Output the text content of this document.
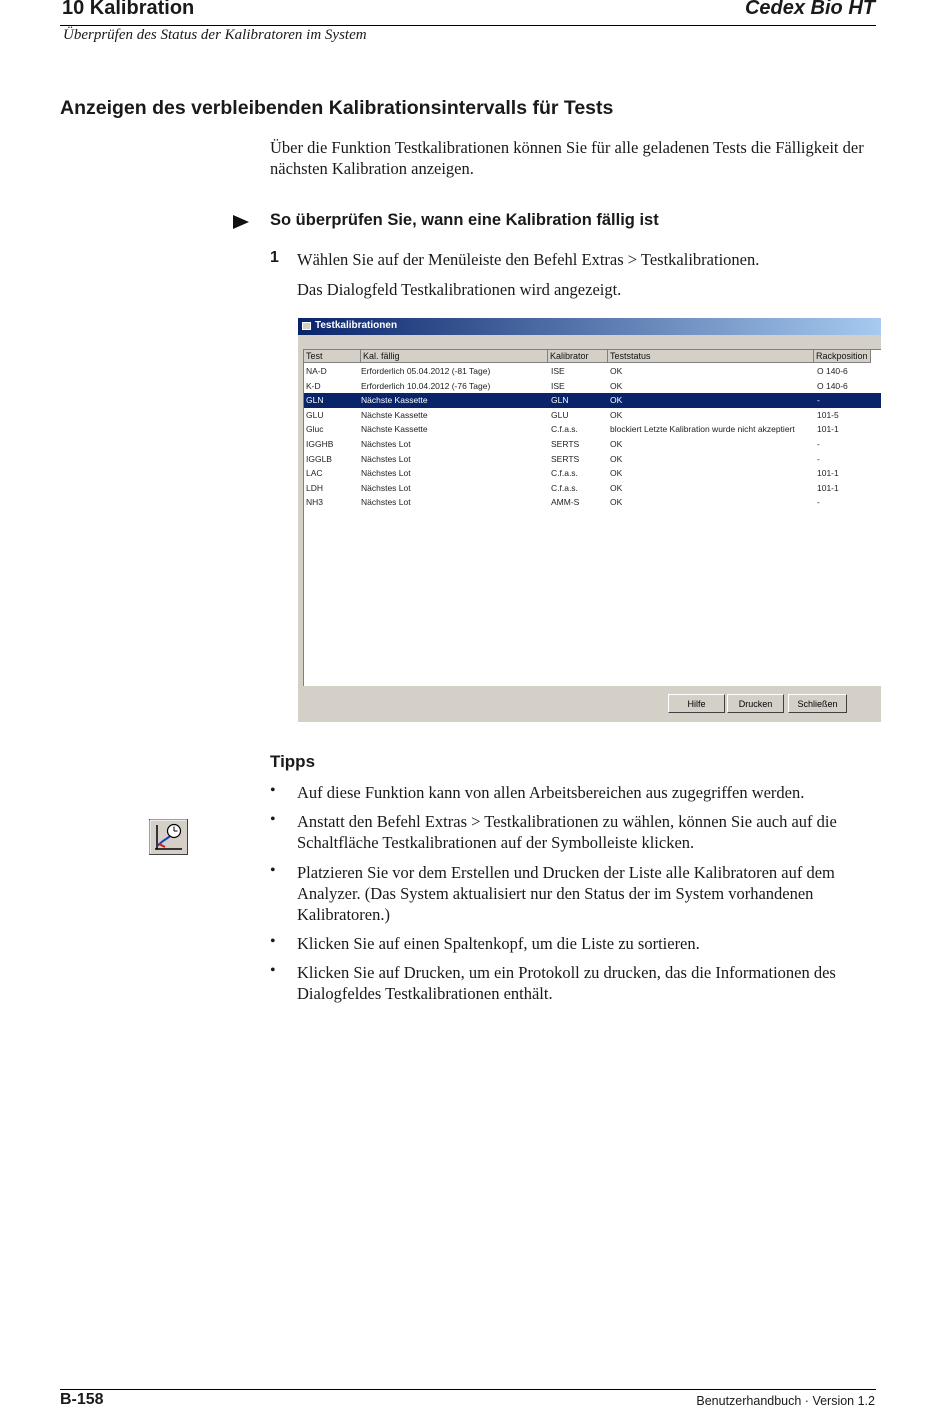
10 Kalibration	Cedex Bio HT
Überprüfen des Status der Kalibratoren im System
Anzeigen des verbleibenden Kalibrationsintervalls für Tests
Über die Funktion Testkalibrationen können Sie für alle geladenen Tests die Fälligkeit der nächsten Kalibration anzeigen.
So überprüfen Sie, wann eine Kalibration fällig ist
1 Wählen Sie auf der Menüleiste den Befehl Extras > Testkalibrationen.
Das Dialogfeld Testkalibrationen wird angezeigt.
Testkalibrationen
Test	Kal. fällig	Kalibrator	Teststatus	Rackposition
NA-D	Erforderlich 05.04.2012 (-81 Tage)	ISE	OK	O 140-6
K-D	Erforderlich 10.04.2012 (-76 Tage)	ISE	OK	O 140-6
GLN	Nächste Kassette	GLN	OK	-
GLU	Nächste Kassette	GLU	OK	101-5
Gluc	Nächste Kassette	C.f.a.s.	blockiert Letzte Kalibration wurde nicht akzeptiert	101-1
IGGHB	Nächstes Lot	SERTS	OK	-
IGGLB	Nächstes Lot	SERTS	OK	-
LAC	Nächstes Lot	C.f.a.s.	OK	101-1
LDH	Nächstes Lot	C.f.a.s.	OK	101-1
NH3	Nächstes Lot	AMM-S	OK	-
Hilfe	Drucken	Schließen
Tipps
• Auf diese Funktion kann von allen Arbeitsbereichen aus zugegriffen werden.
• Anstatt den Befehl Extras > Testkalibrationen zu wählen, können Sie auch auf die Schaltfläche Testkalibrationen auf der Symbolleiste klicken.
• Platzieren Sie vor dem Erstellen und Drucken der Liste alle Kalibratoren auf dem Analyzer. (Das System aktualisiert nur den Status der im System vorhandenen Kalibratoren.)
• Klicken Sie auf einen Spaltenkopf, um die Liste zu sortieren.
• Klicken Sie auf Drucken, um ein Protokoll zu drucken, das die Informationen des Dialogfeldes Testkalibrationen enthält.
B-158	Benutzerhandbuch · Version 1.2
